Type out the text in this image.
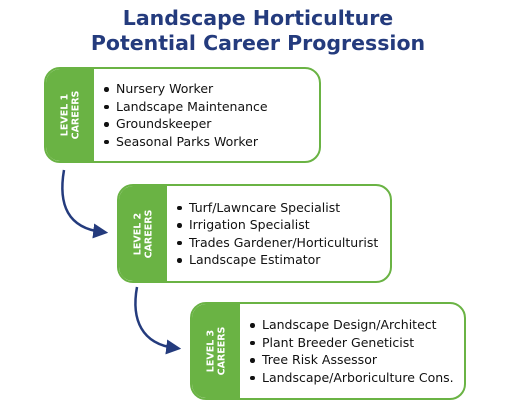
Landscape Horticulture
Potential Career Progression
LEVEL 1 CAREERS
Nursery Worker
Landscape Maintenance
Groundskeeper
Seasonal Parks Worker
LEVEL 2 CAREERS
Turf/Lawncare Specialist
Irrigation Specialist
Trades Gardener/Horticulturist
Landscape Estimator
LEVEL 3 CAREERS
Landscape Design/Architect
Plant Breeder Geneticist
Tree Risk Assessor
Landscape/Arboriculture Cons.
